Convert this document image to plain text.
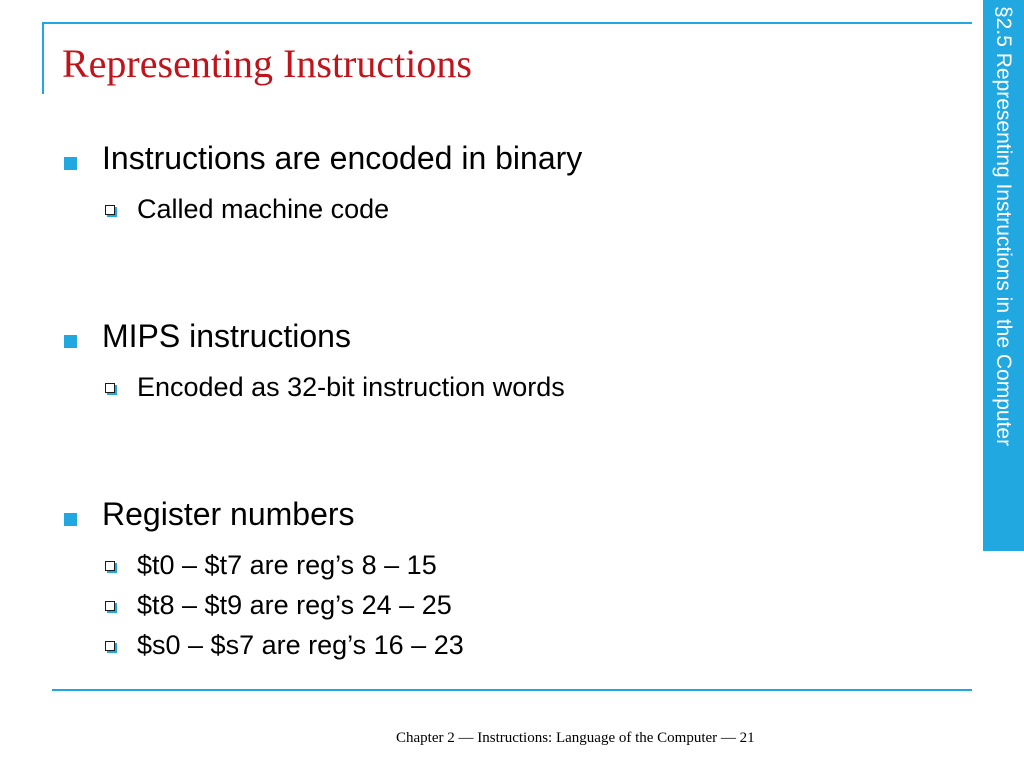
Representing Instructions	§2.5 Representing Instructions in the Computer
Instructions are encoded in binary
Called machine code
MIPS instructions
Encoded as 32-bit instruction words
Register numbers
$t0 – $t7 are reg’s 8 – 15
$t8 – $t9 are reg’s 24 – 25
$s0 – $s7 are reg’s 16 – 23
Chapter 2 — Instructions: Language of the Computer — 21
